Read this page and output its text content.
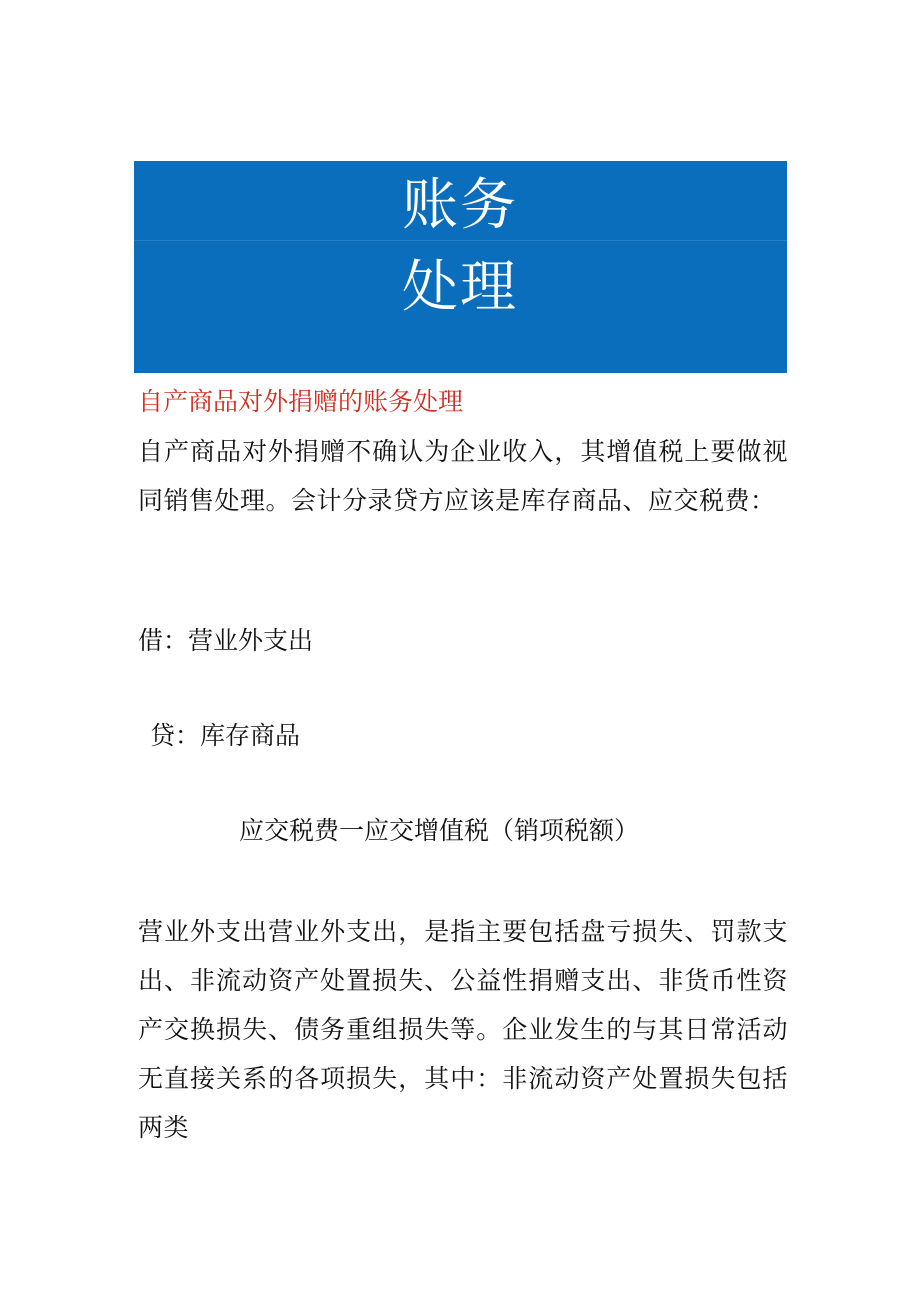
账务
处理
自产商品对外捐赠的账务处理
自产商品对外捐赠不确认为企业收入，其增值税上要做视同销售处理。会计分录贷方应该是库存商品、应交税费：
借：营业外支出
贷：库存商品
应交税费一应交增值税（销项税额）
营业外支出营业外支出，是指主要包括盘亏损失、罚款支出、非流动资产处置损失、公益性捐赠支出、非货币性资产交换损失、债务重组损失等。企业发生的与其日常活动无直接关系的各项损失，其中：非流动资产处置损失包括两类
